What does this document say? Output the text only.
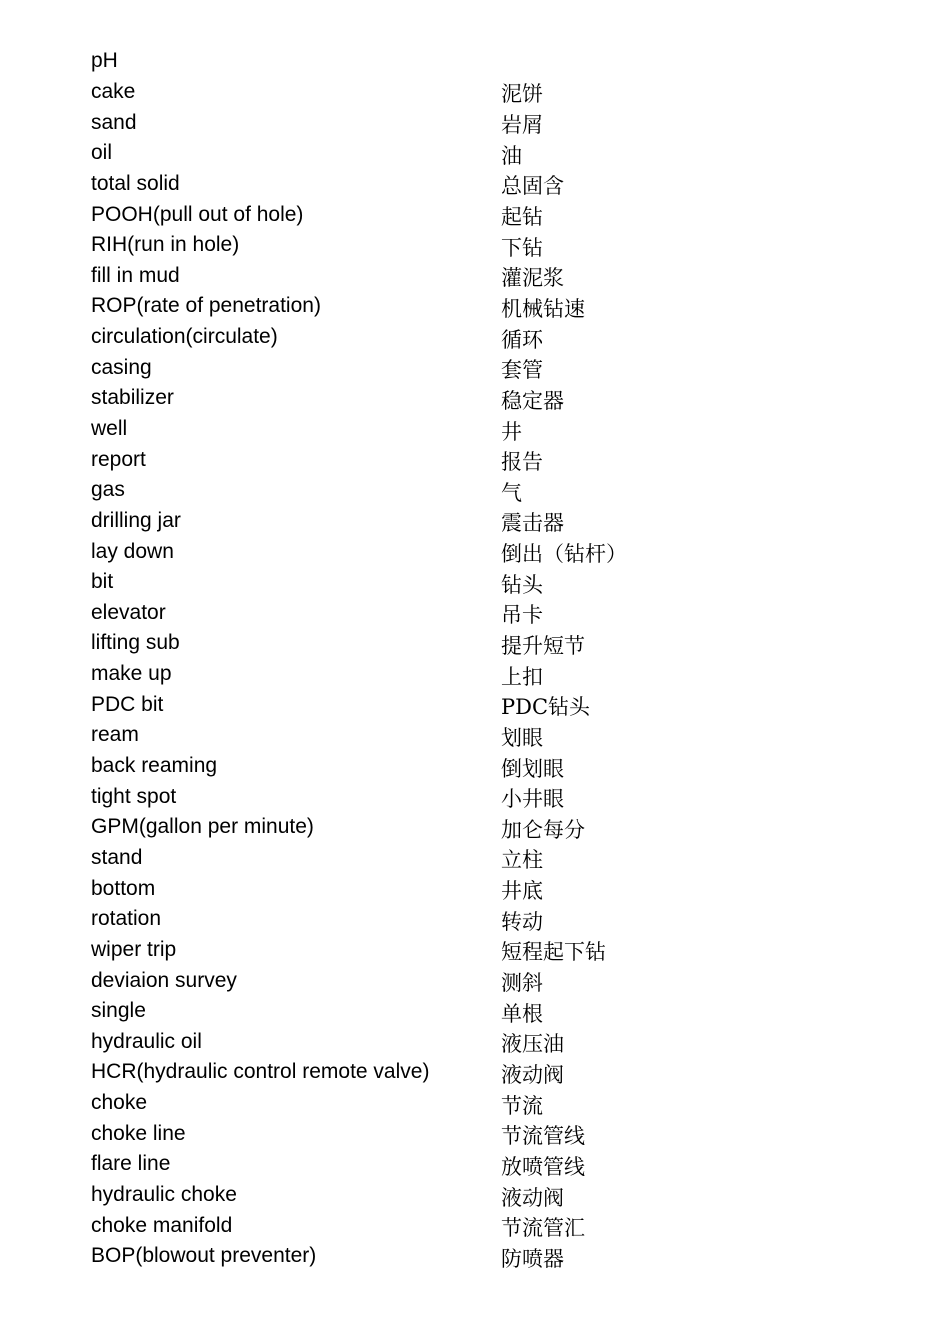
pH
cake	泥饼
sand	岩屑
oil	油
total solid	总固含
POOH(pull out of hole)	起钻
RIH(run in hole)	下钻
fill in mud	灌泥浆
ROP(rate of penetration)	机械钻速
circulation(circulate)	循环
casing	套管
stabilizer	稳定器
well	井
report	报告
gas	气
drilling jar	震击器
lay down	倒出（钻杆）
bit	钻头
elevator	吊卡
lifting sub	提升短节
make up	上扣
PDC bit	PDC钻头
ream	划眼
back reaming	倒划眼
tight spot	小井眼
GPM(gallon per minute)	加仑每分
stand	立柱
bottom	井底
rotation	转动
wiper trip	短程起下钻
deviaion survey	测斜
single	单根
hydraulic oil	液压油
HCR(hydraulic control remote valve)	液动阀
choke	节流
choke line	节流管线
flare line	放喷管线
hydraulic choke	液动阀
choke manifold	节流管汇
BOP(blowout preventer)	防喷器
